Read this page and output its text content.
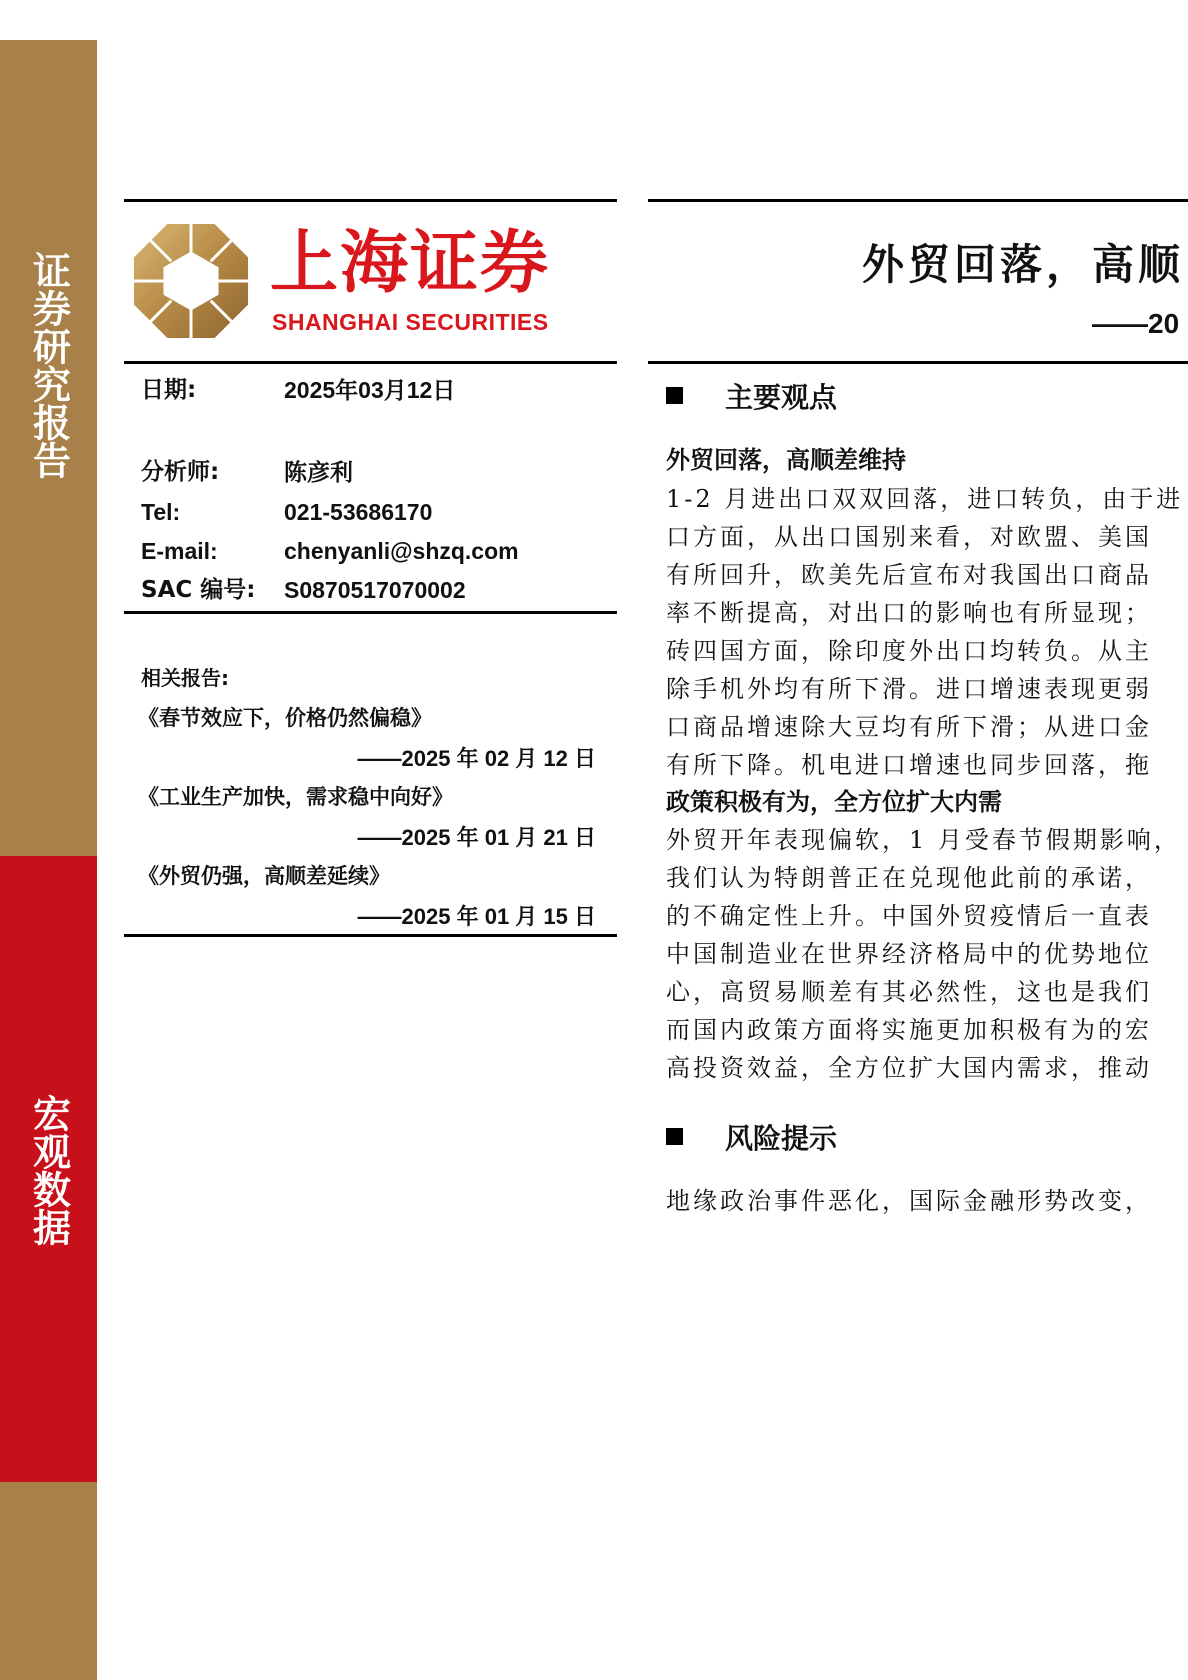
证券研究报告
宏观数据
上海证券
SHANGHAI SECURITIES
日期:	2025年03月12日
分析师:	陈彦利
Tel:	021-53686170
E-mail:	chenyanli@shzq.com
SAC 编号: S0870517070002
相关报告:
《春节效应下，价格仍然偏稳》
——2025 年 02 月 12 日
《工业生产加快，需求稳中向好》
——2025 年 01 月 21 日
《外贸仍强，高顺差延续》
——2025 年 01 月 15 日
外贸回落，高顺
——20
主要观点
外贸回落，高顺差维持
1-2 月进出口双双回落，进口转负，由于进
口方面，从出口国别来看，对欧盟、美国
有所回升，欧美先后宣布对我国出口商品
率不断提高，对出口的影响也有所显现；
砖四国方面，除印度外出口均转负。从主
除手机外均有所下滑。进口增速表现更弱
口商品增速除大豆均有所下滑；从进口金
有所下降。机电进口增速也同步回落，拖
政策积极有为，全方位扩大内需
外贸开年表现偏软，1 月受春节假期影响，
我们认为特朗普正在兑现他此前的承诺，
的不确定性上升。中国外贸疫情后一直表
中国制造业在世界经济格局中的优势地位
心，高贸易顺差有其必然性，这也是我们
而国内政策方面将实施更加积极有为的宏
高投资效益，全方位扩大国内需求，推动
风险提示
地缘政治事件恶化，国际金融形势改变，
